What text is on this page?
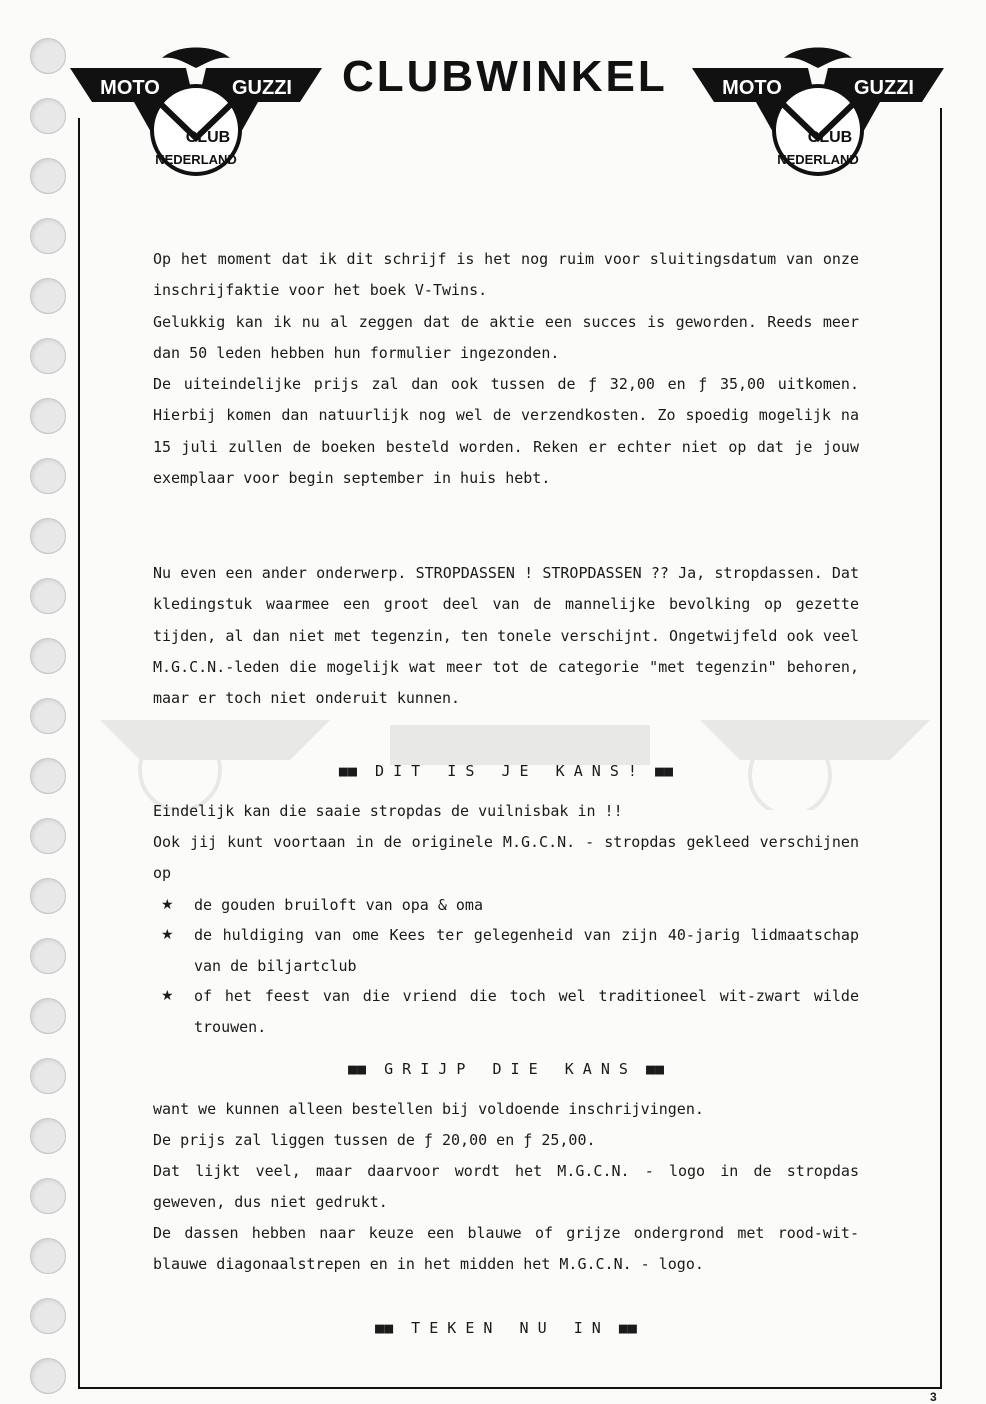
MOTO	GUZZI
CLUB
NEDERLAND
CLUBWINKEL	MOTO	GUZZI
CLUB
NEDERLAND
Op het moment dat ik dit schrijf is het nog ruim voor sluitingsdatum van onze inschrijfaktie voor het boek V-Twins.
Gelukkig kan ik nu al zeggen dat de aktie een succes is geworden. Reeds meer dan 50 leden hebben hun formulier ingezonden.
De uiteindelijke prijs zal dan ook tussen de ƒ 32,00 en ƒ 35,00 uitkomen. Hierbij komen dan natuurlijk nog wel de verzendkosten. Zo spoedig mogelijk na 15 juli zullen de boeken besteld worden. Reken er echter niet op dat je jouw exemplaar voor begin september in huis hebt.
Nu even een ander onderwerp. STROPDASSEN ! STROPDASSEN ?? Ja, stropdassen. Dat kledingstuk waarmee een groot deel van de mannelijke bevolking op gezette tijden, al dan niet met tegenzin, ten tonele verschijnt. Ongetwijfeld ook veel M.G.C.N.-leden die mogelijk wat meer tot de categorie "met tegenzin" behoren, maar er toch niet onderuit kunnen.
■■  D I T   I S   J E   K A N S !  ■■
Eindelijk kan die saaie stropdas de vuilnisbak in !!
Ook jij kunt voortaan in de originele M.G.C.N. - stropdas gekleed verschijnen op
★ de gouden bruiloft van opa & oma
★ de huldiging van ome Kees ter gelegenheid van zijn 40-jarig lidmaatschap van de biljartclub
★ of het feest van die vriend die toch wel traditioneel wit-zwart wilde trouwen.
■■  G R I J P   D I E   K A N S  ■■
want we kunnen alleen bestellen bij voldoende inschrijvingen.
De prijs zal liggen tussen de ƒ 20,00 en ƒ 25,00.
Dat lijkt veel, maar daarvoor wordt het M.G.C.N. - logo in de stropdas geweven, dus niet gedrukt.
De dassen hebben naar keuze een blauwe of grijze ondergrond met rood-wit-blauwe diagonaalstrepen en in het midden het M.G.C.N. - logo.
■■  T E K E N   N U   I N  ■■
3
